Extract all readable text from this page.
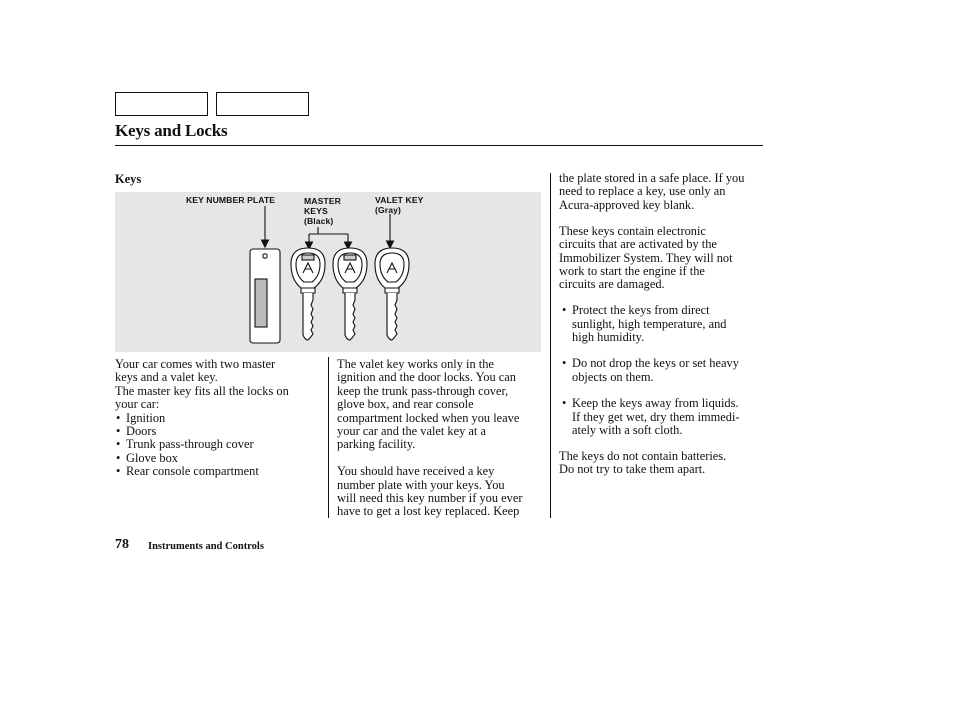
Keys and Locks
Keys
KEY NUMBER PLATE	MASTER
KEYS
(Black)
VALET KEY
(Gray)

Your car comes with two master
keys and a valet key.
The master key fits all the locks on
your car:

• Ignition
• Doors
• Trunk pass-through cover
• Glove box
• Rear console compartment

The valet key works only in the
ignition and the door locks. You can
keep the trunk pass-through cover,
glove box, and rear console
compartment locked when you leave
your car and the valet key at a
parking facility.

You should have received a key
number plate with your keys. You
will need this key number if you ever
have to get a lost key replaced. Keep

the plate stored in a safe place. If you
need to replace a key, use only an
Acura-approved key blank.

These keys contain electronic
circuits that are activated by the
Immobilizer System. They will not
work to start the engine if the
circuits are damaged.

• Protect the keys from direct
sunlight, high temperature, and
high humidity.
• Do not drop the keys or set heavy
objects on them.
• Keep the keys away from liquids.
If they get wet, dry them immedi-
ately with a soft cloth.

The keys do not contain batteries.
Do not try to take them apart.

78 Instruments and Controls
